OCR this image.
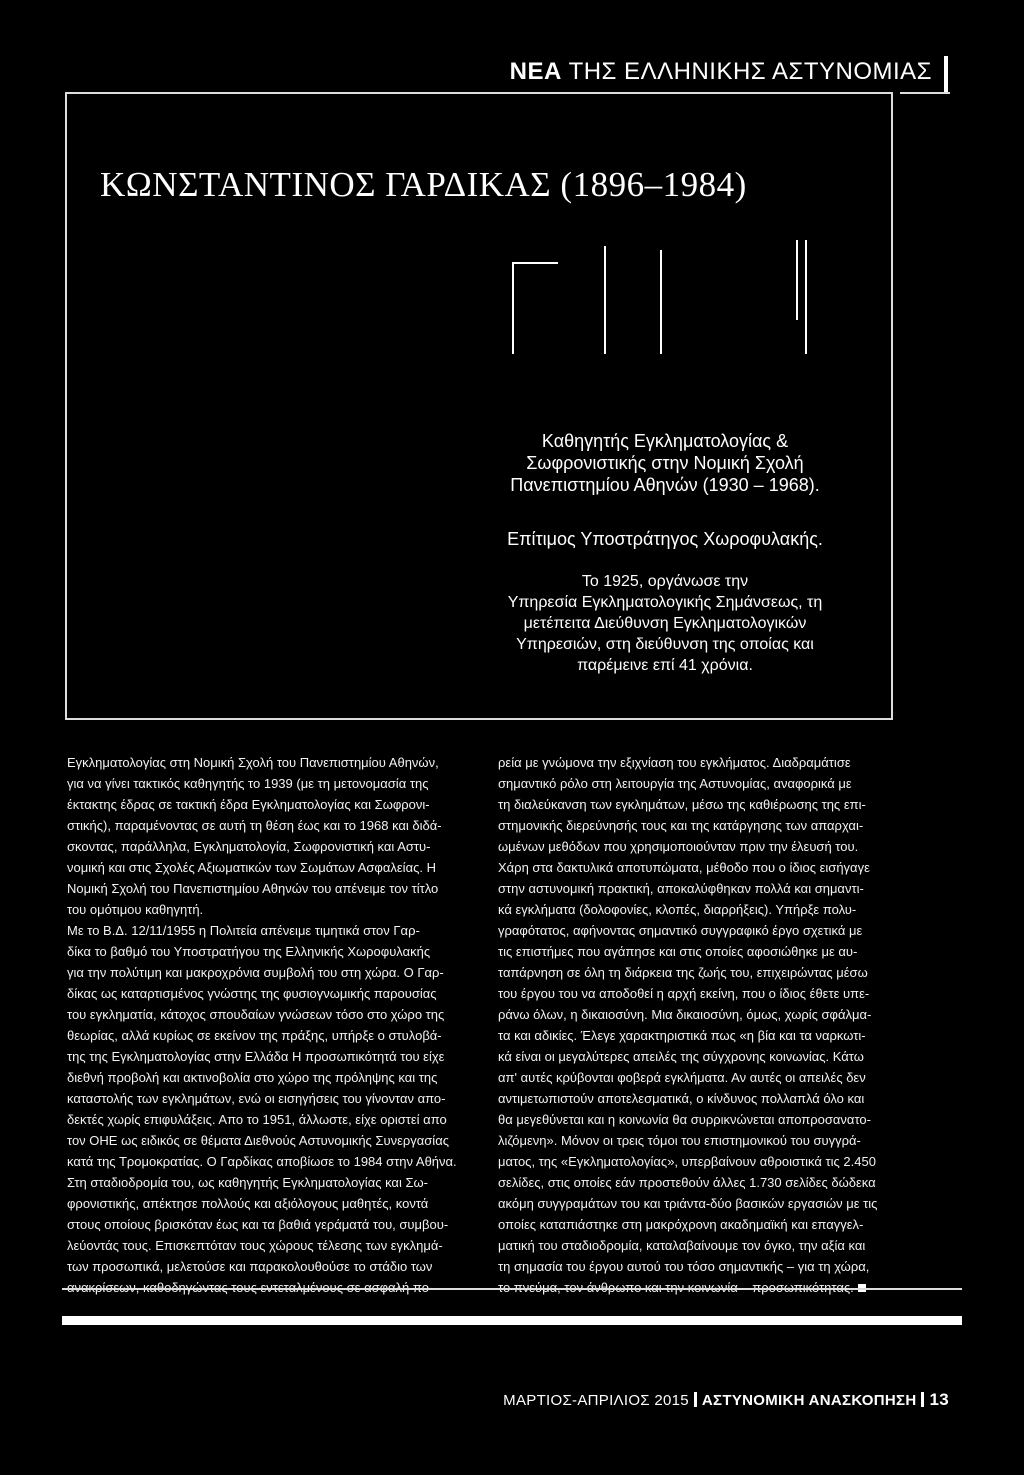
ΝΕΑ ΤΗΣ ΕΛΛΗΝΙΚΗΣ ΑΣΤΥΝΟΜΙΑΣ
ΚΩΝΣΤΑΝΤΙΝΟΣ ΓΑΡΔΙΚΑΣ (1896–1984)
Καθηγητής Εγκληματολογίας &
Σωφρονιστικής στην Νομική Σχολή
Πανεπιστημίου Αθηνών (1930 – 1968).
Επίτιμος Υποστράτηγος Χωροφυλακής.
Το 1925, οργάνωσε την
Υπηρεσία Εγκληματολογικής Σημάνσεως, τη
μετέπειτα Διεύθυνση Εγκληματολογικών
Υπηρεσιών, στη διεύθυνση της οποίας και
παρέμεινε επί 41 χρόνια.
Εγκληματολογίας στη Νομική Σχολή του Πανεπιστημίου Αθηνών,
για να γίνει τακτικός καθηγητής το 1939 (με τη μετονομασία της
έκτακτης έδρας σε τακτική έδρα Εγκληματολογίας και Σωφρονι-
στικής), παραμένοντας σε αυτή τη θέση έως και το 1968 και διδά-
σκοντας, παράλληλα, Εγκληματολογία, Σωφρονιστική και Αστυ-
νομική και στις Σχολές Αξιωματικών των Σωμάτων Ασφαλείας. Η
Νομική Σχολή του Πανεπιστημίου Αθηνών του απένειμε τον τίτλο
του ομότιμου καθηγητή.
Με το Β.Δ. 12/11/1955 η Πολιτεία απένειμε τιμητικά στον Γαρ-
δίκα το βαθμό του Υποστρατήγου της Ελληνικής Χωροφυλακής
για την πολύτιμη και μακροχρόνια συμβολή του στη χώρα. Ο Γαρ-
δίκας ως καταρτισμένος γνώστης της φυσιογνωμικής παρουσίας
του εγκληματία, κάτοχος σπουδαίων γνώσεων τόσο στο χώρο της
θεωρίας, αλλά κυρίως σε εκείνον της πράξης, υπήρξε ο στυλοβά-
της της Εγκληματολογίας στην Ελλάδα Η προσωπικότητά του είχε
διεθνή προβολή και ακτινοβολία στο χώρο της πρόληψης και της
καταστολής των εγκλημάτων, ενώ οι εισηγήσεις του γίνονταν απο-
δεκτές χωρίς επιφυλάξεις. Απο το 1951, άλλωστε, είχε οριστεί απο
τον ΟΗΕ ως ειδικός σε θέματα Διεθνούς Αστυνομικής Συνεργασίας
κατά της Τρομοκρατίας. Ο Γαρδίκας αποβίωσε το 1984 στην Αθήνα.
Στη σταδιοδρομία του, ως καθηγητής Εγκληματολογίας και Σω-
φρονιστικής, απέκτησε πολλούς και αξιόλογους μαθητές, κοντά
στους οποίους βρισκόταν έως και τα βαθιά γεράματά του, συμβου-
λεύοντάς τους. Επισκεπτόταν τους χώρους τέλεσης των εγκλημά-
των προσωπικά, μελετούσε και παρακολουθούσε το στάδιο των
ρεία με γνώμονα την εξιχνίαση του εγκλήματος. Διαδραμάτισε
σημαντικό ρόλο στη λειτουργία της Αστυνομίας, αναφορικά με
τη διαλεύκανση των εγκλημάτων, μέσω της καθιέρωσης της επι-
στημονικής διερεύνησής τους και της κατάργησης των απαρχαι-
ωμένων μεθόδων που χρησιμοποιούνταν πριν την έλευσή του.
Χάρη στα δακτυλικά αποτυπώματα, μέθοδο που ο ίδιος εισήγαγε
στην αστυνομική πρακτική, αποκαλύφθηκαν πολλά και σημαντι-
κά εγκλήματα (δολοφονίες, κλοπές, διαρρήξεις). Υπήρξε πολυ-
γραφότατος, αφήνοντας σημαντικό συγγραφικό έργο σχετικά με
τις επιστήμες που αγάπησε και στις οποίες αφοσιώθηκε με αυ-
ταπάρνηση σε όλη τη διάρκεια της ζωής του, επιχειρώντας μέσω
του έργου του να αποδοθεί η αρχή εκείνη, που ο ίδιος έθετε υπε-
ράνω όλων, η δικαιοσύνη. Μια δικαιοσύνη, όμως, χωρίς σφάλμα-
τα και αδικίες. Έλεγε χαρακτηριστικά πως «η βία και τα ναρκωτι-
κά είναι οι μεγαλύτερες απειλές της σύγχρονης κοινωνίας. Κάτω
απ' αυτές κρύβονται φοβερά εγκλήματα. Αν αυτές οι απειλές δεν
αντιμετωπιστούν αποτελεσματικά, ο κίνδυνος πολλαπλά όλο και
θα μεγεθύνεται και η κοινωνία θα συρρικνώνεται αποπροσανατο-
λιζόμενη». Μόνον οι τρεις τόμοι του επιστημονικού του συγγρά-
ματος, της «Εγκληματολογίας», υπερβαίνουν αθροιστικά τις 2.450
σελίδες, στις οποίες εάν προστεθούν άλλες 1.730 σελίδες δώδεκα
ακόμη συγγραμάτων του και τριάντα-δύο βασικών εργασιών με τις
οποίες καταπιάστηκε στη μακρόχρονη ακαδημαϊκή και επαγγελ-
ματική του σταδιοδρομία, καταλαβαίνουμε τον όγκο, την αξία και
τη σημασία του έργου αυτού του τόσο σημαντικής – για τη χώρα,
ΜΑΡΤΙΟΣ-ΑΠΡΙΛΙΟΣ 2015 ΑΣΤΥΝΟΜΙΚΗ ΑΝΑΣΚΟΠΗΣΗ 13
